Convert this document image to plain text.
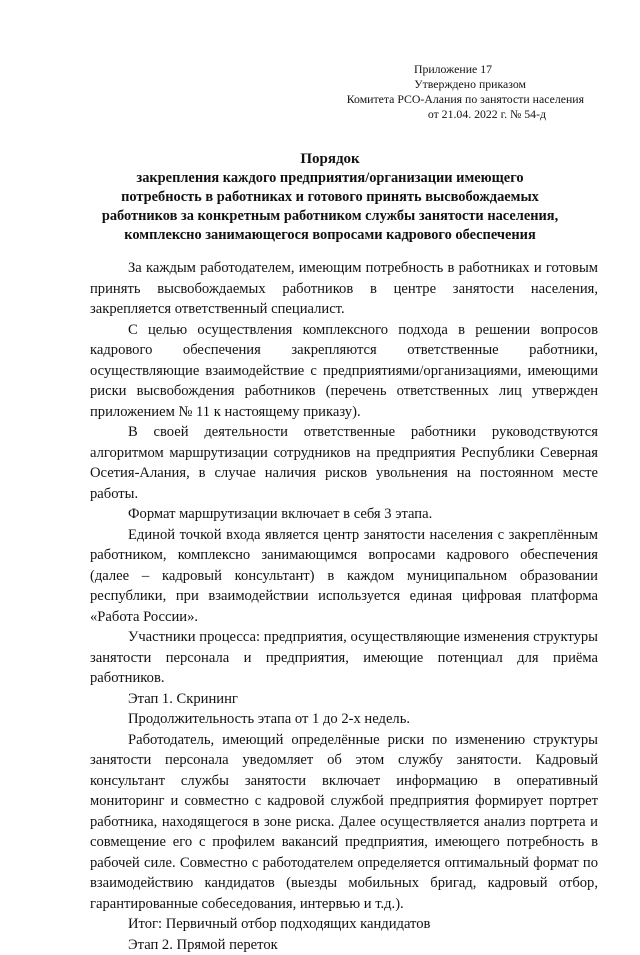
Приложение 17
Утверждено приказом
Комитета РСО-Алания по занятости населения
от 21.04. 2022 г. № 54-д
Порядок
закрепления каждого предприятия/организации имеющего
потребность в работниках и готового принять высвобождаемых
работников за конкретным работником службы занятости населения,
комплексно занимающегося вопросами кадрового обеспечения

За каждым работодателем, имеющим потребность в работниках и готовым принять высвобождаемых работников в центре занятости населения, закрепляется ответственный специалист.

С целью осуществления комплексного подхода в решении вопросов кадрового обеспечения закрепляются ответственные работники, осуществляющие взаимодействие с предприятиями/организациями, имеющими риски высвобождения работников (перечень ответственных лиц утвержден приложением № 11 к настоящему приказу).

В своей деятельности ответственные работники руководствуются алгоритмом маршрутизации сотрудников на предприятия Республики Северная Осетия-Алания, в случае наличия рисков увольнения на постоянном месте работы.

Формат маршрутизации включает в себя 3 этапа.

Единой точкой входа является центр занятости населения с закреплённым работником, комплексно занимающимся вопросами кадрового обеспечения (далее – кадровый консультант) в каждом муниципальном образовании республики, при взаимодействии используется единая цифровая платформа «Работа России».

Участники процесса: предприятия, осуществляющие изменения структуры занятости персонала и предприятия, имеющие потенциал для приёма работников.

Этап 1. Скрининг

Продолжительность этапа от 1 до 2-х недель.

Работодатель, имеющий определённые риски по изменению структуры занятости персонала уведомляет об этом службу занятости. Кадровый консультант службы занятости включает информацию в оперативный мониторинг и совместно с кадровой службой предприятия формирует портрет работника, находящегося в зоне риска. Далее осуществляется анализ портрета и совмещение его с профилем вакансий предприятия, имеющего потребность в рабочей силе. Совместно с работодателем определяется оптимальный формат по взаимодействию кандидатов (выезды мобильных бригад, кадровый отбор, гарантированные собеседования, интервью и т.д.).

Итог: Первичный отбор подходящих кандидатов

Этап 2. Прямой переток
